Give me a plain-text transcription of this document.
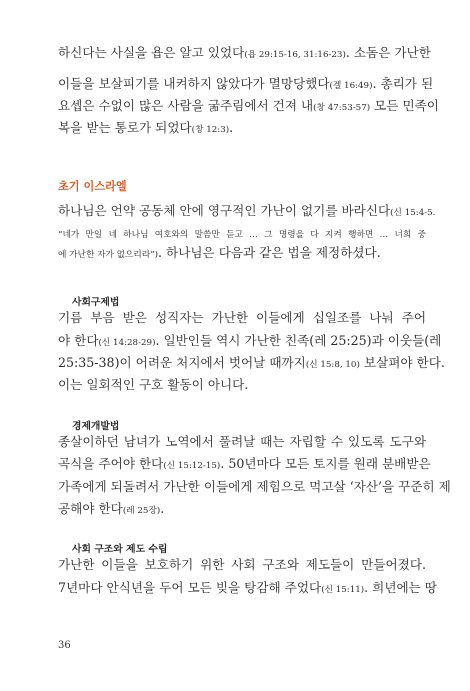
하신다는 사실을 욥은 알고 있었다(욥 29:15-16, 31:16-23). 소돔은 가난한
이들을 보살피기를 내켜하지 않았다가 멸망당했다(겔 16:49). 총리가 된
요셉은 수없이 많은 사람을 굶주림에서 건져 내(창 47:53-57) 모든 민족이
복을 받는 통로가 되었다(창 12:3).
초기 이스라엘
하나님은 언약 공동체 안에 영구적인 가난이 없기를 바라신다(신 15:4-5.
“네가 만일 네 하나님 여호와의 말씀만 듣고 … 그 명령을 다 지켜 행하면 … 너희 중
에 가난한 자가 없으리라”). 하나님은 다음과 같은 법을 제정하셨다.
사회구제법
기름 부음 받은 성직자는 가난한 이들에게 십일조를 나눠 주어
야 한다(신 14:28-29). 일반인들 역시 가난한 친족(레 25:25)과 이웃들(레
25:35-38)이 어려운 처지에서 벗어날 때까지(신 15:8, 10) 보살펴야 한다.
이는 일회적인 구호 활동이 아니다.
경제개발법
종살이하던 남녀가 노역에서 풀려날 때는 자립할 수 있도록 도구와
곡식을 주어야 한다(신 15:12-15). 50년마다 모든 토지를 원래 분배받은
가족에게 되돌려서 가난한 이들에게 제힘으로 먹고살 ‘자산’을 꾸준히 제
공해야 한다(레 25장).
사회 구조와 제도 수립
가난한 이들을 보호하기 위한 사회 구조와 제도들이 만들어졌다.
7년마다 안식년을 두어 모든 빚을 탕감해 주었다(신 15:11). 희년에는 땅
36
